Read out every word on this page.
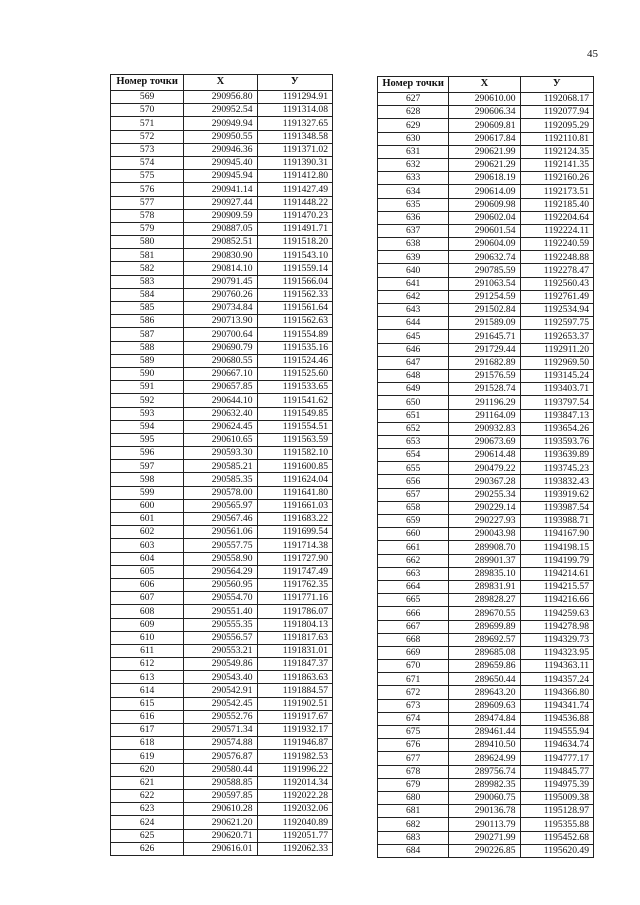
45
Номер точки	X	У
569	290956.80	1191294.91
570	290952.54	1191314.08
571	290949.94	1191327.65
572	290950.55	1191348.58
573	290946.36	1191371.02
574	290945.40	1191390.31
575	290945.94	1191412.80
576	290941.14	1191427.49
577	290927.44	1191448.22
578	290909.59	1191470.23
579	290887.05	1191491.71
580	290852.51	1191518.20
581	290830.90	1191543.10
582	290814.10	1191559.14
583	290791.45	1191566.04
584	290760.26	1191562.33
585	290734.84	1191561.64
586	290713.90	1191562.63
587	290700.64	1191554.89
588	290690.79	1191535.16
589	290680.55	1191524.46
590	290667.10	1191525.60
591	290657.85	1191533.65
592	290644.10	1191541.62
593	290632.40	1191549.85
594	290624.45	1191554.51
595	290610.65	1191563.59
596	290593.30	1191582.10
597	290585.21	1191600.85
598	290585.35	1191624.04
599	290578.00	1191641.80
600	290565.97	1191661.03
601	290567.46	1191683.22
602	290561.06	1191699.54
603	290557.75	1191714.38
604	290558.90	1191727.90
605	290564.29	1191747.49
606	290560.95	1191762.35
607	290554.70	1191771.16
608	290551.40	1191786.07
609	290555.35	1191804.13
610	290556.57	1191817.63
611	290553.21	1191831.01
612	290549.86	1191847.37
613	290543.40	1191863.63
614	290542.91	1191884.57
615	290542.45	1191902.51
616	290552.76	1191917.67
617	290571.34	1191932.17
618	290574.88	1191946.87
619	290576.87	1191982.53
620	290580.44	1191996.22
621	290588.85	1192014.34
622	290597.85	1192022.28
623	290610.28	1192032.06
624	290621.20	1192040.89
625	290620.71	1192051.77
626	290616.01	1192062.33
Номер точки	X	У
627	290610.00	1192068.17
628	290606.34	1192077.94
629	290609.81	1192095.29
630	290617.84	1192110.81
631	290621.99	1192124.35
632	290621.29	1192141.35
633	290618.19	1192160.26
634	290614.09	1192173.51
635	290609.98	1192185.40
636	290602.04	1192204.64
637	290601.54	1192224.11
638	290604.09	1192240.59
639	290632.74	1192248.88
640	290785.59	1192278.47
641	291063.54	1192560.43
642	291254.59	1192761.49
643	291502.84	1192534.94
644	291589.09	1192597.75
645	291645.71	1192653.37
646	291729.44	1192911.20
647	291682.89	1192969.50
648	291576.59	1193145.24
649	291528.74	1193403.71
650	291196.29	1193797.54
651	291164.09	1193847.13
652	290932.83	1193654.26
653	290673.69	1193593.76
654	290614.48	1193639.89
655	290479.22	1193745.23
656	290367.28	1193832.43
657	290255.34	1193919.62
658	290229.14	1193987.54
659	290227.93	1193988.71
660	290043.98	1194167.90
661	289908.70	1194198.15
662	289901.37	1194199.79
663	289835.10	1194214.61
664	289831.91	1194215.57
665	289828.27	1194216.66
666	289670.55	1194259.63
667	289699.89	1194278.98
668	289692.57	1194329.73
669	289685.08	1194323.95
670	289659.86	1194363.11
671	289650.44	1194357.24
672	289643.20	1194366.80
673	289609.63	1194341.74
674	289474.84	1194536.88
675	289461.44	1194555.94
676	289410.50	1194634.74
677	289624.99	1194777.17
678	289756.74	1194845.77
679	289982.35	1194975.39
680	290060.75	1195009.38
681	290136.78	1195128.97
682	290113.79	1195355.88
683	290271.99	1195452.68
684	290226.85	1195620.49
